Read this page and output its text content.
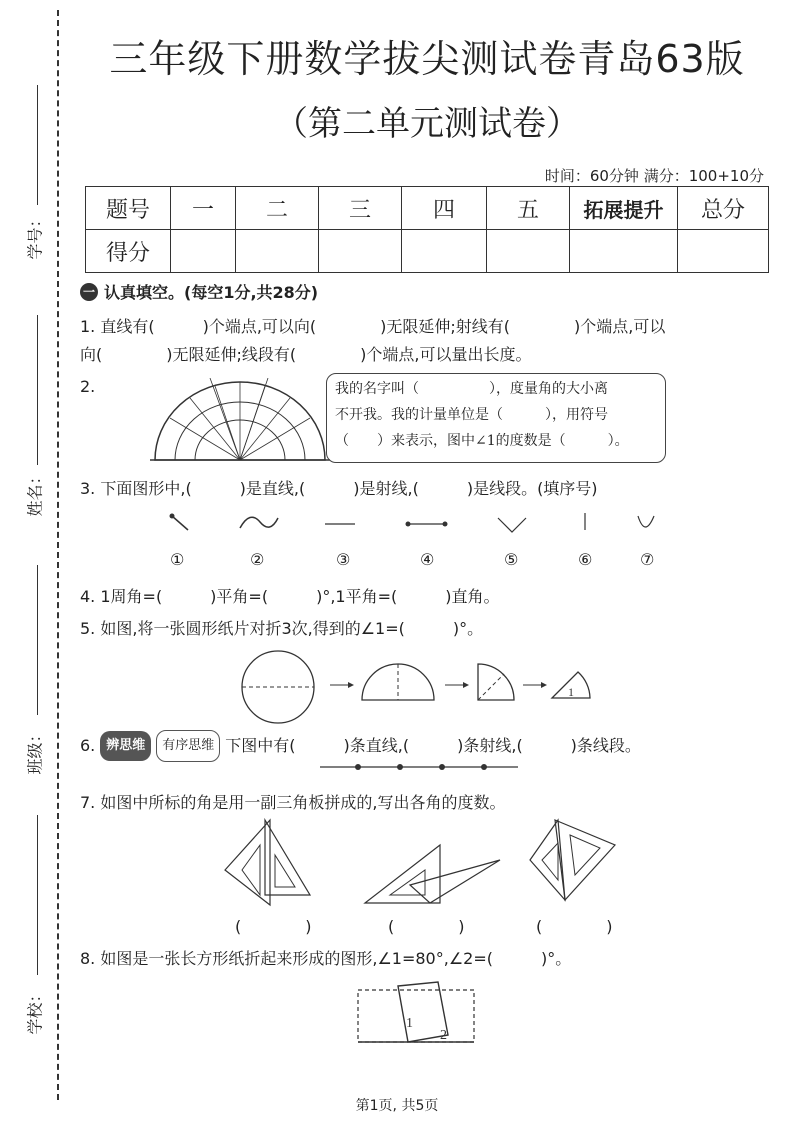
学号：
姓名：
班级：
学校：
三年级下册数学拔尖测试卷青岛63版
（第二单元测试卷）
时间：60分钟 满分：100+10分
题号	一	二	三	四	五	拓展提升	总分
得分							
一 认真填空。(每空1分,共28分)
1. 直线有(　　　)个端点,可以向(　　　　)无限延伸;射线有(　　　　)个端点,可以
向(　　　　)无限延伸;线段有(　　　　)个端点,可以量出长度。
2.	我的名字叫（　　　　　），度量角的大小离
不开我。我的计量单位是（　　　），用符号
（　　）来表示，图中∠1的度数是（　　　）。
3. 下面图形中,(　　　)是直线,(　　　)是射线,(　　　)是线段。(填序号)
①	②	③	④	⑤	⑥	⑦
4. 1周角=(　　　)平角=(　　　)°,1平角=(　　　)直角。
5. 如图,将一张圆形纸片对折3次,得到的∠1=(　　　)°。
1
6. 辨思维	有序思维 下图中有(　　　)条直线,(　　　)条射线,(　　　)条线段。
7. 如图中所标的角是用一副三角板拼成的,写出各角的度数。
(　　　　)	(　　　　)	(　　　　)
8. 如图是一张长方形纸折起来形成的图形,∠1=80°,∠2=(　　　)°。
1
2
第1页, 共5页
